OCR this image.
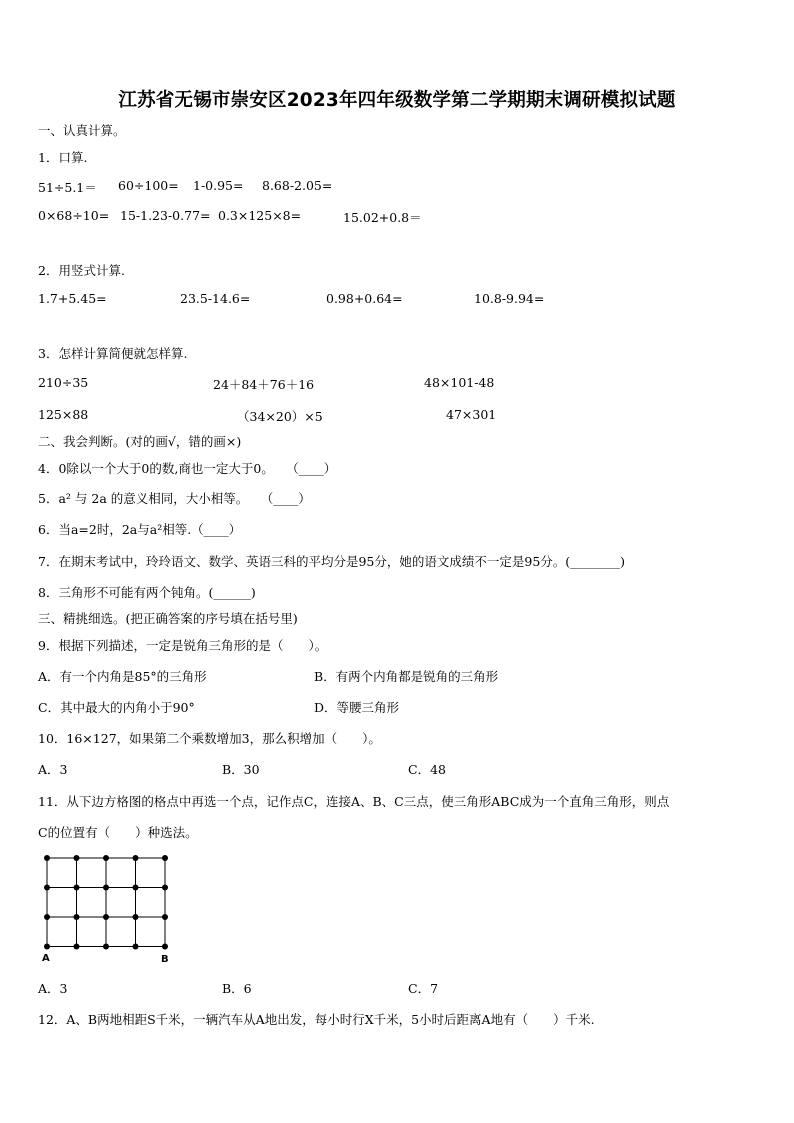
江苏省无锡市崇安区2023年四年级数学第二学期期末调研模拟试题
一、认真计算。
1．口算.
51÷5.1＝ 60÷100= 1-0.95= 8.68-2.05=
0×68÷10= 15-1.23-0.77= 0.3×125×8=	15.02+0.8＝
2．用竖式计算.
1.7+5.45=	23.5-14.6=	0.98+0.64=	10.8-9.94=
3．怎样计算简便就怎样算.
210÷35	24＋84＋76＋16	48×101-48
125×88	（34×20）×5	47×301
二、我会判断。(对的画√，错的画×)
4．0除以一个大于0的数,商也一定大于0。　　（____）
5．a² 与 2a 的意义相同，大小相等。　　（____）
6．当a=2时，2a与a²相等.（____）
7．在期末考试中，玲玲语文、数学、英语三科的平均分是95分，她的语文成绩不一定是95分。(________)
8．三角形不可能有两个钝角。(______)
三、精挑细选。(把正确答案的序号填在括号里)
9．根据下列描述，一定是锐角三角形的是（　　）。
A．有一个内角是85°的三角形	B．有两个内角都是锐角的三角形
C．其中最大的内角小于90°	D．等腰三角形
10．16×127，如果第二个乘数增加3，那么积增加（　　）。
A．3	B．30	C．48
11．从下边方格图的格点中再选一个点，记作点C，连接A、B、C三点，使三角形ABC成为一个直角三角形，则点
C的位置有（　　）种选法。
A	B
A．3	B．6	C．7
12．A、B两地相距S千米，一辆汽车从A地出发，每小时行X千米，5小时后距离A地有（　　）千米.
